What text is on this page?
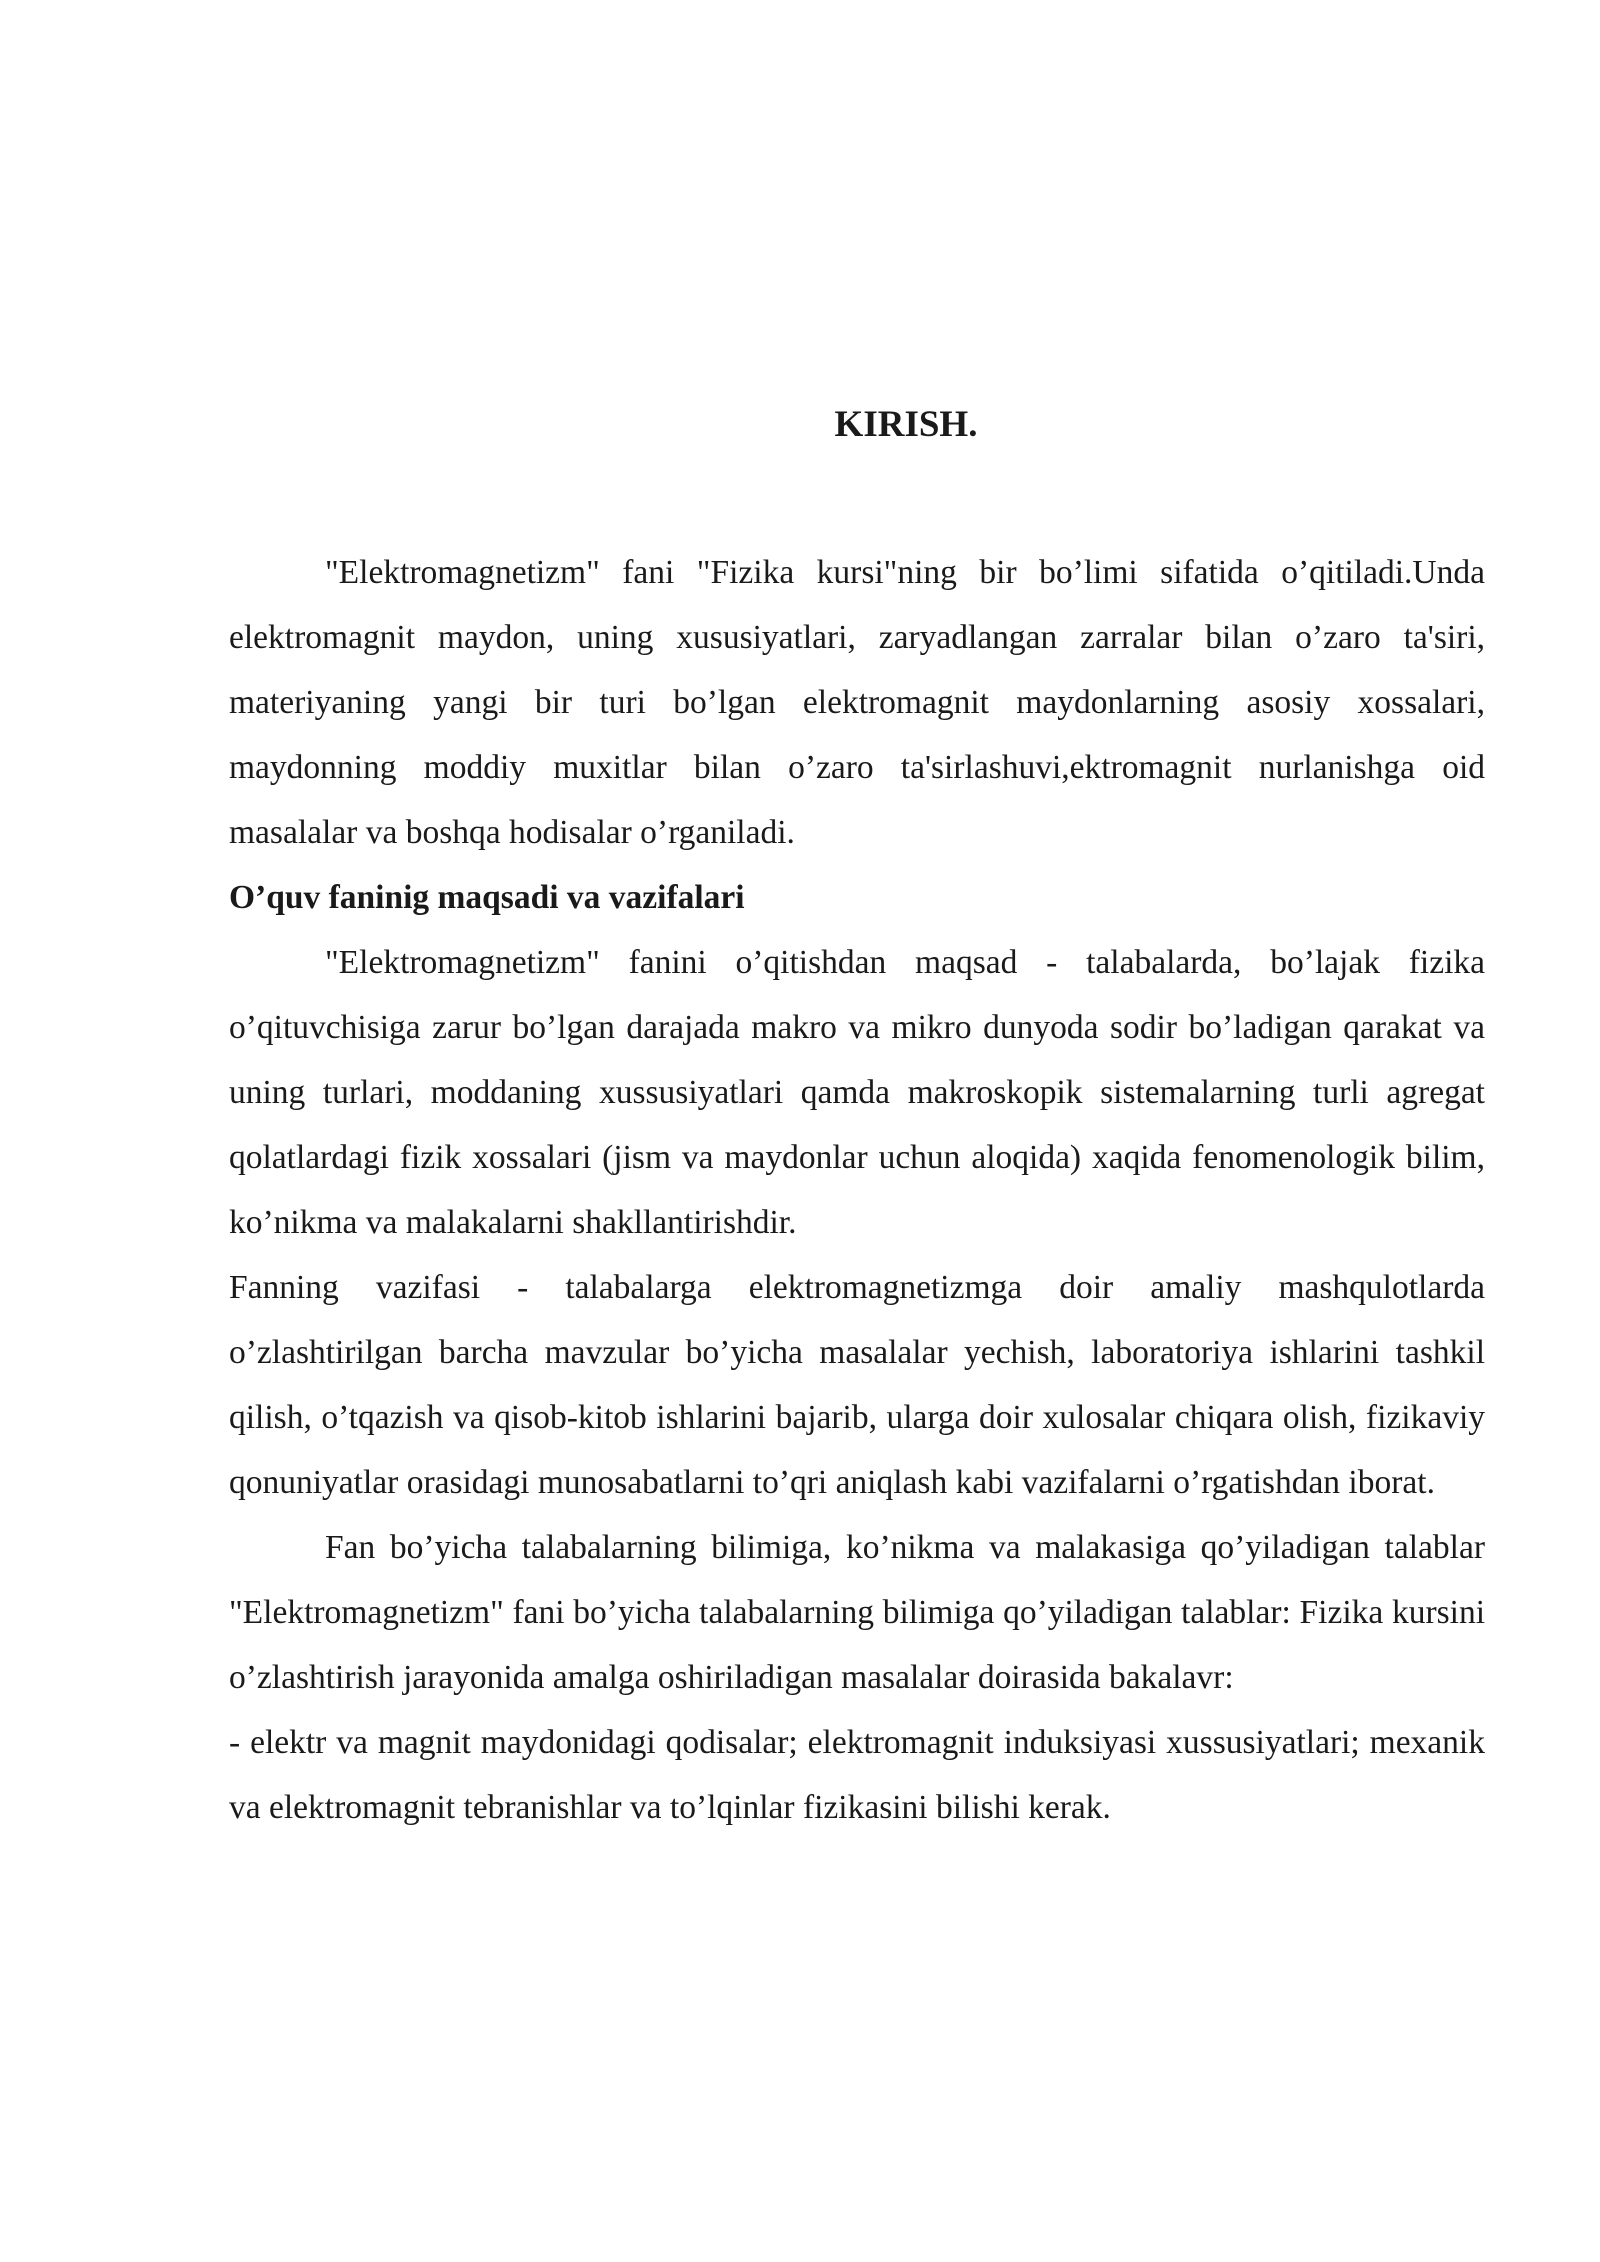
KIRISH.

"Elektromagnetizm" fani "Fizika kursi"ning bir bo’limi sifatida o’qitiladi.Unda elektromagnit maydon, uning xususiyatlari, zaryadlangan zarralar bilan o’zaro ta'siri, materiyaning yangi bir turi bo’lgan elektromagnit maydonlarning asosiy xossalari, maydonning moddiy muxitlar bilan o’zaro ta'sirlashuvi,ektromagnit nurlanishga oid masalalar va boshqa hodisalar o’rganiladi.

O’quv faninig maqsadi va vazifalari

"Elektromagnetizm" fanini o’qitishdan maqsad - talabalarda, bo’lajak fizika o’qituvchisiga zarur bo’lgan darajada makro va mikro dunyoda sodir bo’ladigan qarakat va uning turlari, moddaning xussusiyatlari qamda makroskopik sistemalarning turli agregat qolatlardagi fizik xossalari (jism va maydonlar uchun aloqida) xaqida fenomenologik bilim, ko’nikma va malakalarni shakllantirishdir.

Fanning vazifasi - talabalarga elektromagnetizmga doir amaliy mashqulotlarda o’zlashtirilgan barcha mavzular bo’yicha masalalar yechish, laboratoriya ishlarini tashkil qilish, o’tqazish va qisob-kitob ishlarini bajarib, ularga doir xulosalar chiqara olish, fizikaviy qonuniyatlar orasidagi munosabatlarni to’qri aniqlash kabi vazifalarni o’rgatishdan iborat.

Fan bo’yicha talabalarning bilimiga, ko’nikma va malakasiga qo’yiladigan talablar "Elektromagnetizm" fani bo’yicha talabalarning bilimiga qo’yiladigan talablar: Fizika kursini o’zlashtirish jarayonida amalga oshiriladigan masalalar doirasida bakalavr:

- elektr va magnit maydonidagi qodisalar; elektromagnit induksiyasi xussusiyatlari; mexanik va elektromagnit tebranishlar va to’lqinlar fizikasini bilishi kerak.
